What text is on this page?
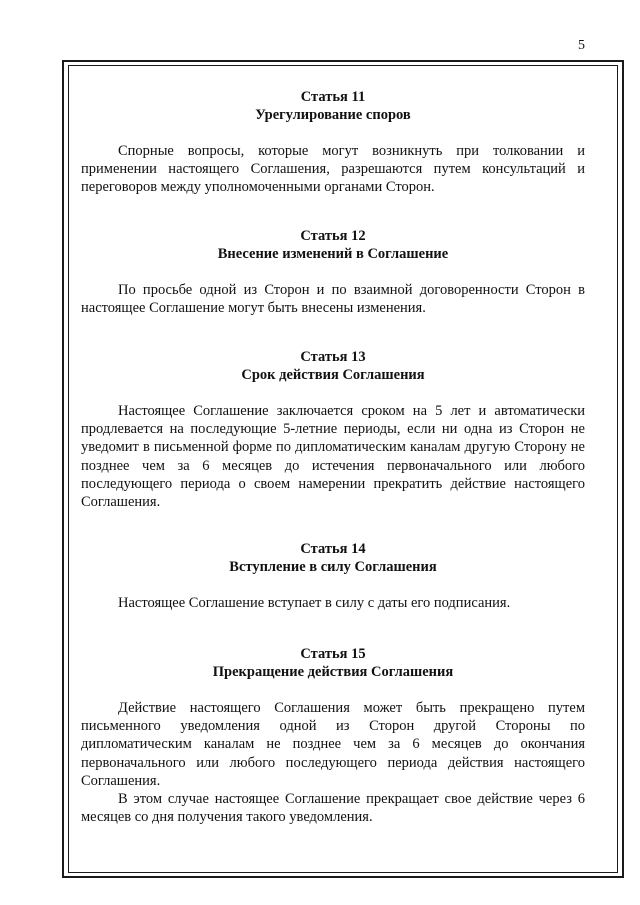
5

Статья 11

Урегулирование споров

Спорные вопросы, которые могут возникнуть при толковании и применении настоящего Соглашения, разрешаются путем консультаций и переговоров между уполномоченными органами Сторон.

Статья 12

Внесение изменений в Соглашение

По просьбе одной из Сторон и по взаимной договоренности Сторон в настоящее Соглашение могут быть внесены изменения.

Статья 13

Срок действия Соглашения

Настоящее Соглашение заключается сроком на 5 лет и автоматически продлевается на последующие 5-летние периоды, если ни одна из Сторон не уведомит в письменной форме по дипломатическим каналам другую Сторону не позднее чем за 6 месяцев до истечения первоначального или любого последующего периода о своем намерении прекратить действие настоящего Соглашения.

Статья 14

Вступление в силу Соглашения

Настоящее Соглашение вступает в силу с даты его подписания.

Статья 15

Прекращение действия Соглашения

Действие настоящего Соглашения может быть прекращено путем письменного уведомления одной из Сторон другой Стороны по дипломатическим каналам не позднее чем за 6 месяцев до окончания первоначального или любого последующего периода действия настоящего Соглашения.

В этом случае настоящее Соглашение прекращает свое действие через 6 месяцев со дня получения такого уведомления.
